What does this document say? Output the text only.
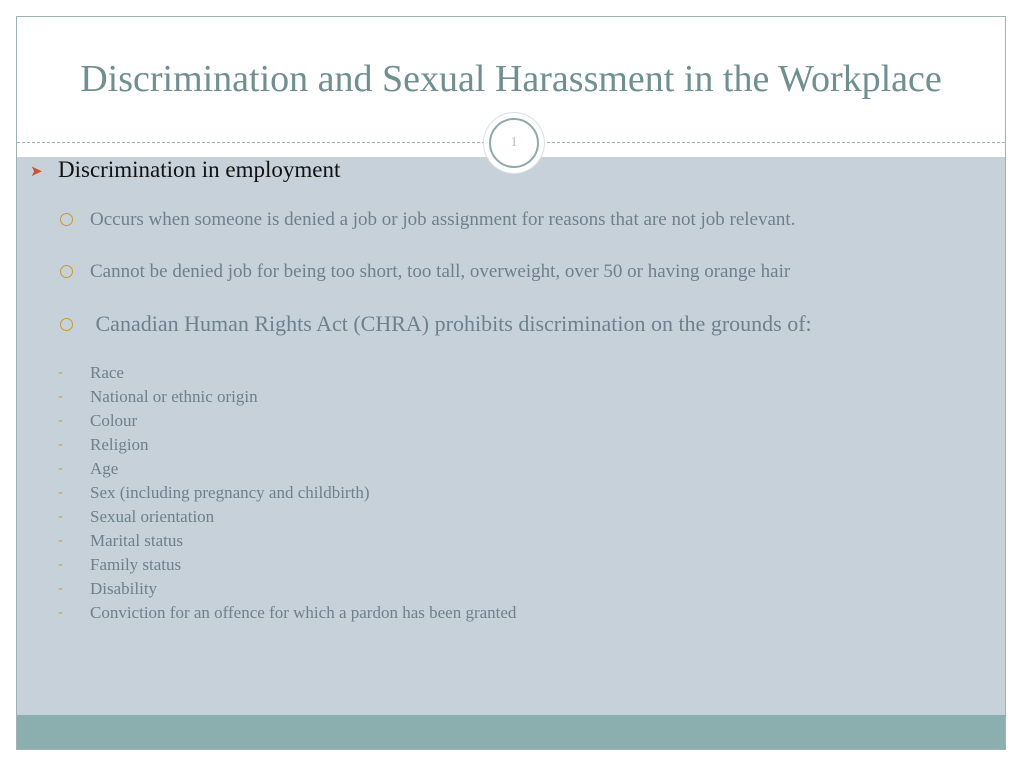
Discrimination and Sexual Harassment in the Workplace
1
➤ Discrimination in employment
Occurs when someone is denied a job or job assignment for reasons that are not job relevant.
Cannot be denied job for being too short, too tall, overweight, over 50 or having orange hair
Canadian Human Rights Act (CHRA) prohibits discrimination on the grounds of:
- Race
- National or ethnic origin
- Colour
- Religion
- Age
- Sex (including pregnancy and childbirth)
- Sexual orientation
- Marital status
- Family status
- Disability
- Conviction for an offence for which a pardon has been granted
